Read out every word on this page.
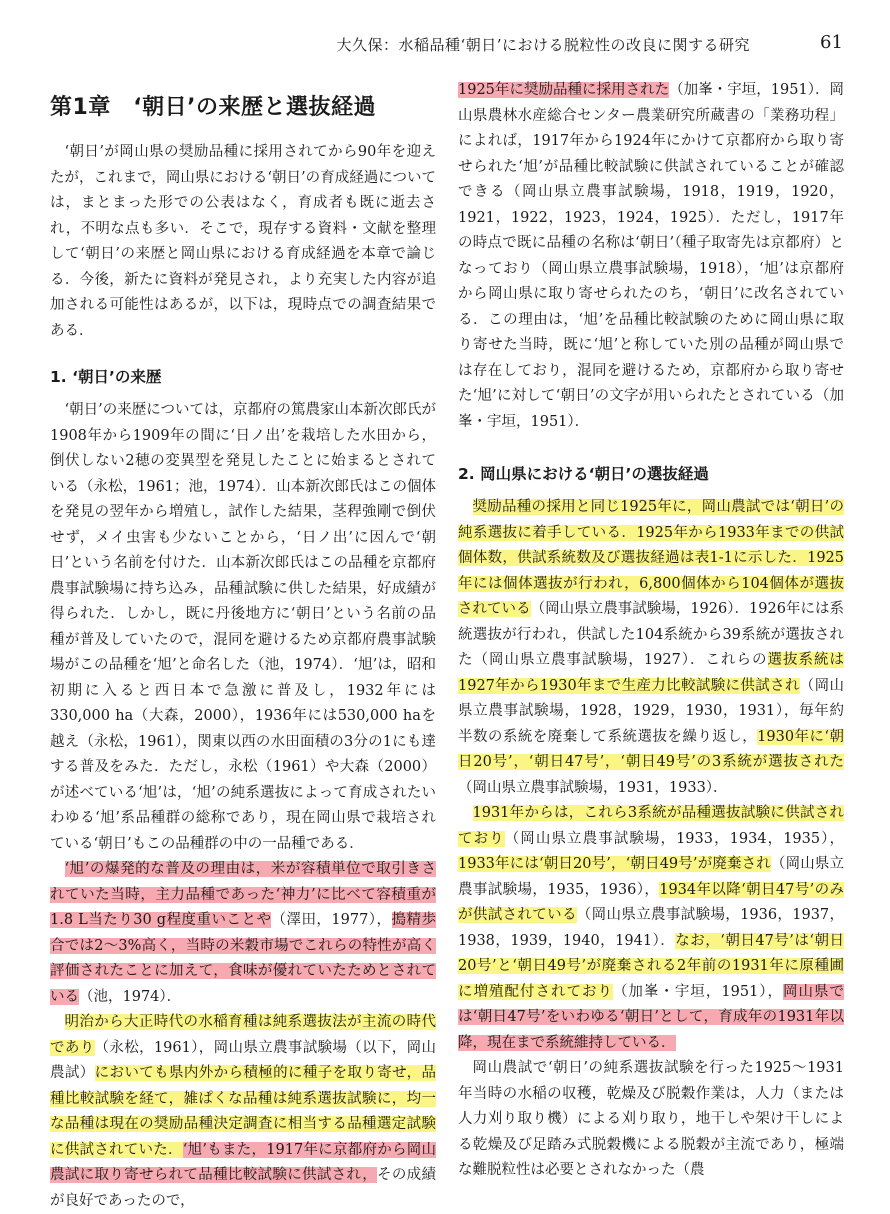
大久保：水稲品種‘朝日’における脱粒性の改良に関する研究	61
第1章　‘朝日’の来歴と選抜経過

‘朝日’が岡山県の奨励品種に採用されてから90年を迎えたが，これまで，岡山県における‘朝日’の育成経過については，まとまった形での公表はなく，育成者も既に逝去され，不明な点も多い．そこで，現存する資料・文献を整理して‘朝日’の来歴と岡山県における育成経過を本章で論じる．今後，新たに資料が発見され，より充実した内容が追加される可能性はあるが，以下は，現時点での調査結果である．

1. ‘朝日’の来歴

‘朝日’の来歴については，京都府の篤農家山本新次郎氏が1908年から1909年の間に‘日ノ出’を栽培した水田から，倒伏しない2穂の変異型を発見したことに始まるとされている（永松，1961；池，1974）．山本新次郎氏はこの個体を発見の翌年から増殖し，試作した結果，茎稈強剛で倒伏せず，メイ虫害も少ないことから，‘日ノ出’に因んで‘朝日’という名前を付けた．山本新次郎氏はこの品種を京都府農事試験場に持ち込み，品種試験に供した結果，好成績が得られた．しかし，既に丹後地方に‘朝日’という名前の品種が普及していたので，混同を避けるため京都府農事試験場がこの品種を‘旭’と命名した（池，1974）．‘旭’は，昭和初期に入ると西日本で急激に普及し，1932年には330,000 ha（大森，2000），1936年には530,000 haを越え（永松，1961），関東以西の水田面積の3分の1にも達する普及をみた．ただし，永松（1961）や大森（2000）が述べている‘旭’は，‘旭’の純系選抜によって育成されたいわゆる‘旭’系品種群の総称であり，現在岡山県で栽培されている‘朝日’もこの品種群の中の一品種である．

‘旭’の爆発的な普及の理由は，米が容積単位で取引きされていた当時，主力品種であった‘神力’に比べて容積重が1.8 L当たり30 g程度重いことや（澤田，1977），搗精歩合では2～3%高く，当時の米穀市場でこれらの特性が高く評価されたことに加えて，食味が優れていたためとされている（池，1974）．

明治から大正時代の水稲育種は純系選抜法が主流の時代であり（永松，1961），岡山県立農事試験場（以下，岡山農試）においても県内外から積極的に種子を取り寄せ，品種比較試験を経て，雑ぱくな品種は純系選抜試験に，均一な品種は現在の奨励品種決定調査に相当する品種選定試験に供試されていた．‘旭’もまた，1917年に京都府から岡山農試に取り寄せられて品種比較試験に供試され，その成績が良好であったので，

1925年に奨励品種に採用された（加峯・宇垣，1951）．岡山県農林水産総合センター農業研究所蔵書の「業務功程」によれば，1917年から1924年にかけて京都府から取り寄せられた‘旭’が品種比較試験に供試されていることが確認できる（岡山県立農事試験場，1918，1919，1920，1921，1922，1923，1924，1925）．ただし，1917年の時点で既に品種の名称は‘朝日’（種子取寄先は京都府）となっており（岡山県立農事試験場，1918），‘旭’は京都府から岡山県に取り寄せられたのち，‘朝日’に改名されている．この理由は，‘旭’を品種比較試験のために岡山県に取り寄せた当時，既に‘旭’と称していた別の品種が岡山県では存在しており，混同を避けるため，京都府から取り寄せた‘旭’に対して‘朝日’の文字が用いられたとされている（加峯・宇垣，1951）．

2. 岡山県における‘朝日’の選抜経過

奨励品種の採用と同じ1925年に，岡山農試では‘朝日’の純系選抜に着手している．1925年から1933年までの供試個体数，供試系統数及び選抜経過は表1-1に示した．1925年には個体選抜が行われ，6,800個体から104個体が選抜されている（岡山県立農事試験場，1926）．1926年には系統選抜が行われ，供試した104系統から39系統が選抜された（岡山県立農事試験場，1927）．これらの選抜系統は1927年から1930年まで生産力比較試験に供試され（岡山県立農事試験場，1928，1929，1930，1931），毎年約半数の系統を廃棄して系統選抜を繰り返し，1930年に‘朝日20号’，‘朝日47号’，‘朝日49号’の3系統が選抜された（岡山県立農事試験場，1931，1933）．

1931年からは，これら3系統が品種選抜試験に供試されており（岡山県立農事試験場，1933，1934，1935），1933年には‘朝日20号’，‘朝日49号’が廃棄され（岡山県立農事試験場，1935，1936），1934年以降‘朝日47号’のみが供試されている（岡山県立農事試験場，1936，1937，1938，1939，1940，1941）．なお，‘朝日47号’は‘朝日20号’と‘朝日49号’が廃棄される2年前の1931年に原種圃に増殖配付されており（加峯・宇垣，1951），岡山県では‘朝日47号’をいわゆる‘朝日’として，育成年の1931年以降，現在まで系統維持している．

岡山農試で‘朝日’の純系選抜試験を行った1925～1931年当時の水稲の収穫，乾燥及び脱穀作業は，人力（または人力刈り取り機）による刈り取り，地干しや架け干しによる乾燥及び足踏み式脱穀機による脱穀が主流であり，極端な難脱粒性は必要とされなかった（農
